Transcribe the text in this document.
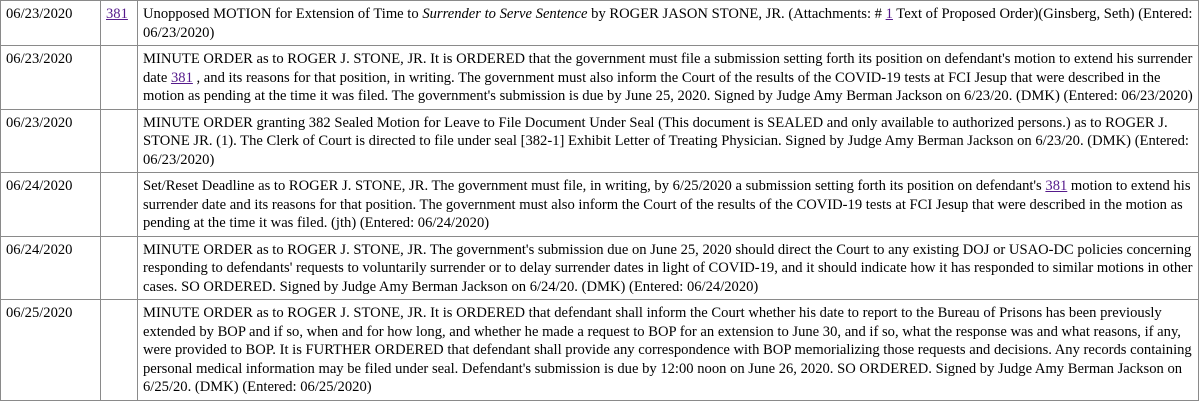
06/23/2020	381	Unopposed MOTION for Extension of Time to Surrender to Serve Sentence by ROGER JASON STONE, JR. (Attachments: # 1 Text of Proposed Order)(Ginsberg, Seth) (Entered: 06/23/2020)
06/23/2020		MINUTE ORDER as to ROGER J. STONE, JR. It is ORDERED that the government must file a submission setting forth its position on defendant's motion to extend his surrender date 381 , and its reasons for that position, in writing. The government must also inform the Court of the results of the COVID-19 tests at FCI Jesup that were described in the motion as pending at the time it was filed. The government's submission is due by June 25, 2020. Signed by Judge Amy Berman Jackson on 6/23/20. (DMK) (Entered: 06/23/2020)
06/23/2020		MINUTE ORDER granting 382 Sealed Motion for Leave to File Document Under Seal (This document is SEALED and only available to authorized persons.) as to ROGER J. STONE JR. (1). The Clerk of Court is directed to file under seal [382-1] Exhibit Letter of Treating Physician. Signed by Judge Amy Berman Jackson on 6/23/20. (DMK) (Entered: 06/23/2020)
06/24/2020		Set/Reset Deadline as to ROGER J. STONE, JR. The government must file, in writing, by 6/25/2020 a submission setting forth its position on defendant's 381 motion to extend his surrender date and its reasons for that position. The government must also inform the Court of the results of the COVID-19 tests at FCI Jesup that were described in the motion as pending at the time it was filed. (jth) (Entered: 06/24/2020)
06/24/2020		MINUTE ORDER as to ROGER J. STONE, JR. The government's submission due on June 25, 2020 should direct the Court to any existing DOJ or USAO-DC policies concerning responding to defendants' requests to voluntarily surrender or to delay surrender dates in light of COVID-19, and it should indicate how it has responded to similar motions in other cases. SO ORDERED. Signed by Judge Amy Berman Jackson on 6/24/20. (DMK) (Entered: 06/24/2020)
06/25/2020		MINUTE ORDER as to ROGER J. STONE, JR. It is ORDERED that defendant shall inform the Court whether his date to report to the Bureau of Prisons has been previously extended by BOP and if so, when and for how long, and whether he made a request to BOP for an extension to June 30, and if so, what the response was and what reasons, if any, were provided to BOP. It is FURTHER ORDERED that defendant shall provide any correspondence with BOP memorializing those requests and decisions. Any records containing personal medical information may be filed under seal. Defendant's submission is due by 12:00 noon on June 26, 2020. SO ORDERED. Signed by Judge Amy Berman Jackson on 6/25/20. (DMK) (Entered: 06/25/2020)
